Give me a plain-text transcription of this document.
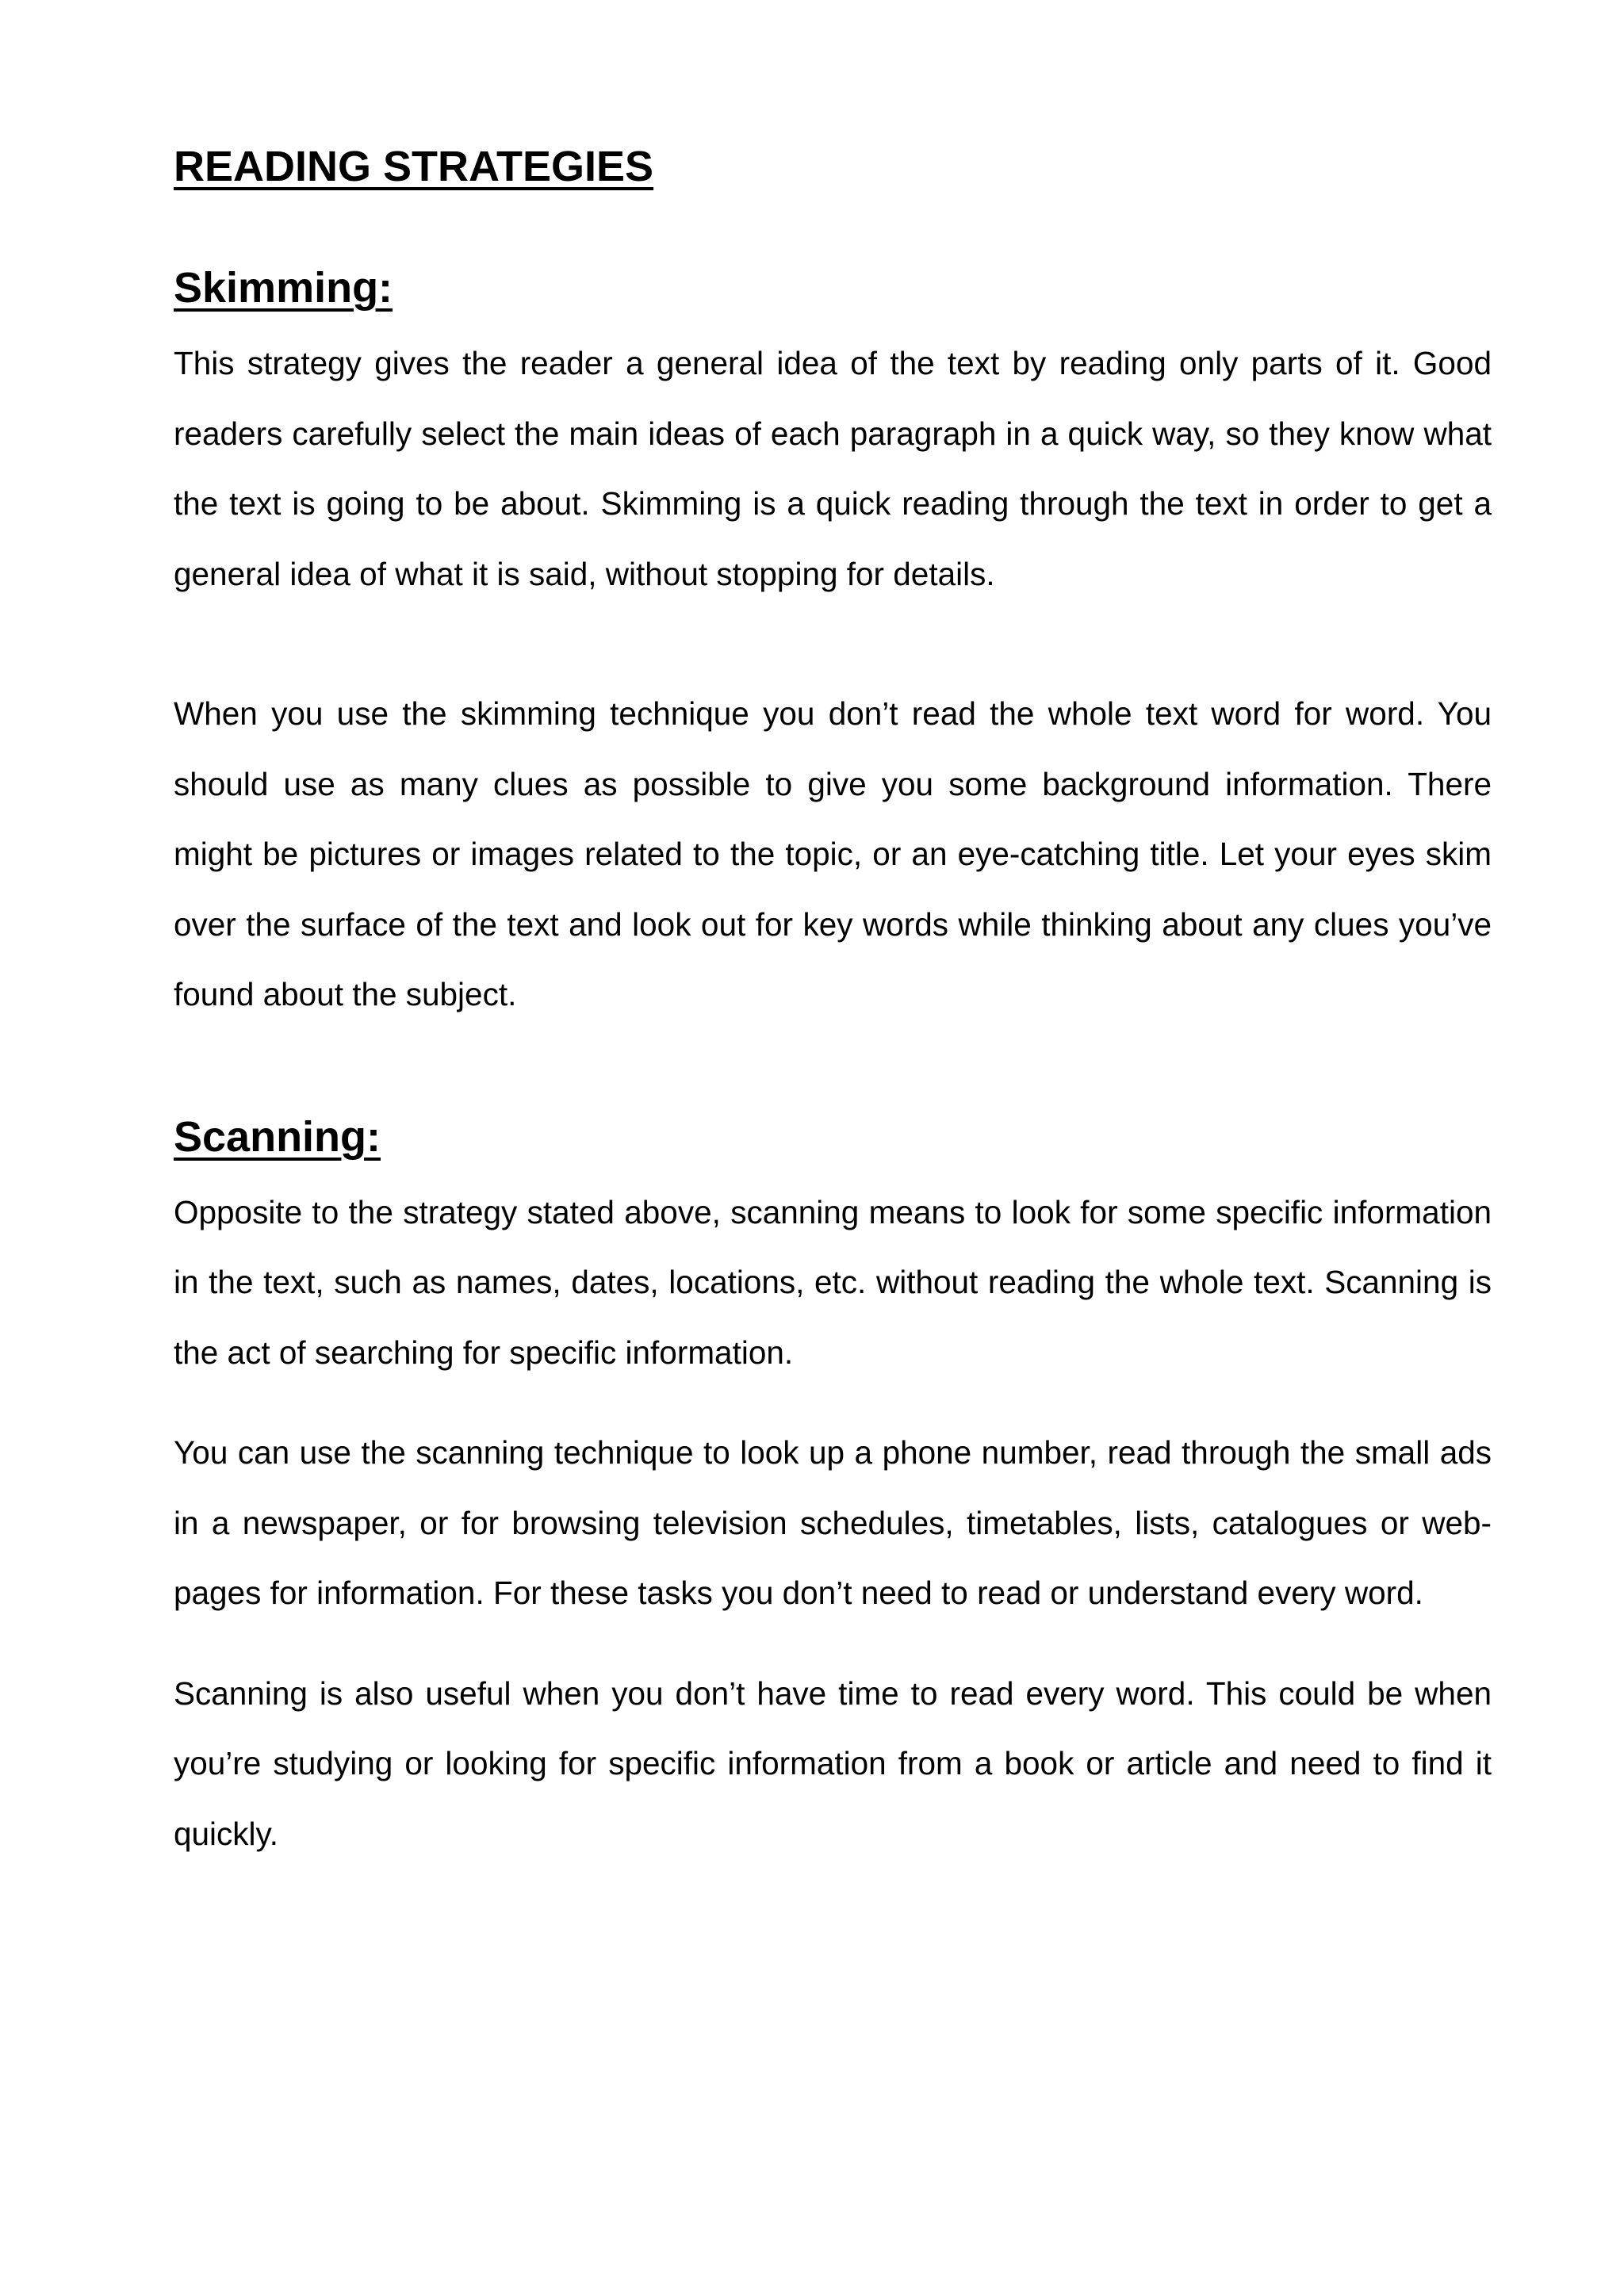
READING STRATEGIES
Skimming:

This strategy gives the reader a general idea of the text by reading only parts of it. Good readers carefully select the main ideas of each paragraph in a quick way, so they know what the text is going to be about. Skimming is a quick reading through the text in order to get a general idea of what it is said, without stopping for details.

When you use the skimming technique you don’t read the whole text word for word. You should use as many clues as possible to give you some background information. There might be pictures or images related to the topic, or an eye-catching title. Let your eyes skim over the surface of the text and look out for key words while thinking about any clues you’ve found about the subject.

Scanning:

Opposite to the strategy stated above, scanning means to look for some specific information in the text, such as names, dates, locations, etc. without reading the whole text. Scanning is the act of searching for specific information.

You can use the scanning technique to look up a phone number, read through the small ads in a newspaper, or for browsing television schedules, timetables, lists, catalogues or web-pages for information. For these tasks you don’t need to read or understand every word.

Scanning is also useful when you don’t have time to read every word. This could be when you’re studying or looking for specific information from a book or article and need to find it quickly.
